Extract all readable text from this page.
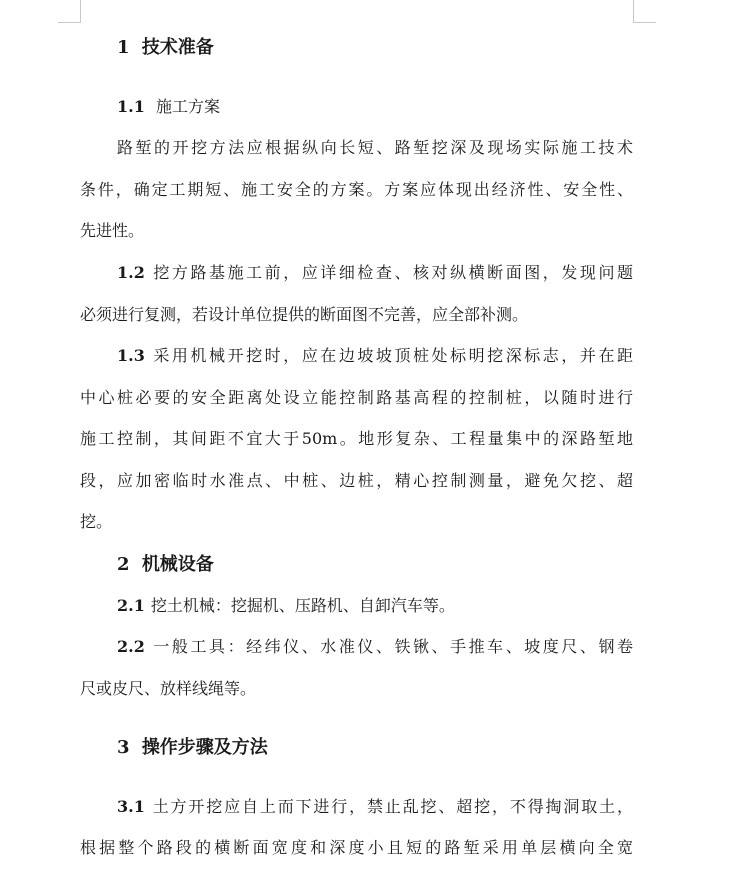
1 技术准备
1.1 施工方案
路堑的开挖方法应根据纵向长短、路堑挖深及现场实际施工技术
条件，确定工期短、施工安全的方案。方案应体现出经济性、安全性、
先进性。
1.2 挖方路基施工前，应详细检查、核对纵横断面图，发现问题
必须进行复测，若设计单位提供的断面图不完善，应全部补测。
1.3 采用机械开挖时，应在边坡坡顶桩处标明挖深标志，并在距
中心桩必要的安全距离处设立能控制路基高程的控制桩，以随时进行
施工控制，其间距不宜大于50m。地形复杂、工程量集中的深路堑地
段，应加密临时水准点、中桩、边桩，精心控制测量，避免欠挖、超
挖。
2 机械设备
2.1 挖土机械：挖掘机、压路机、自卸汽车等。
2.2 一般工具：经纬仪、水准仪、铁锹、手推车、坡度尺、钢卷
尺或皮尺、放样线绳等。
3 操作步骤及方法
3.1 土方开挖应自上而下进行，禁止乱挖、超挖，不得掏洞取土，
根据整个路段的横断面宽度和深度小且短的路堑采用单层横向全宽
